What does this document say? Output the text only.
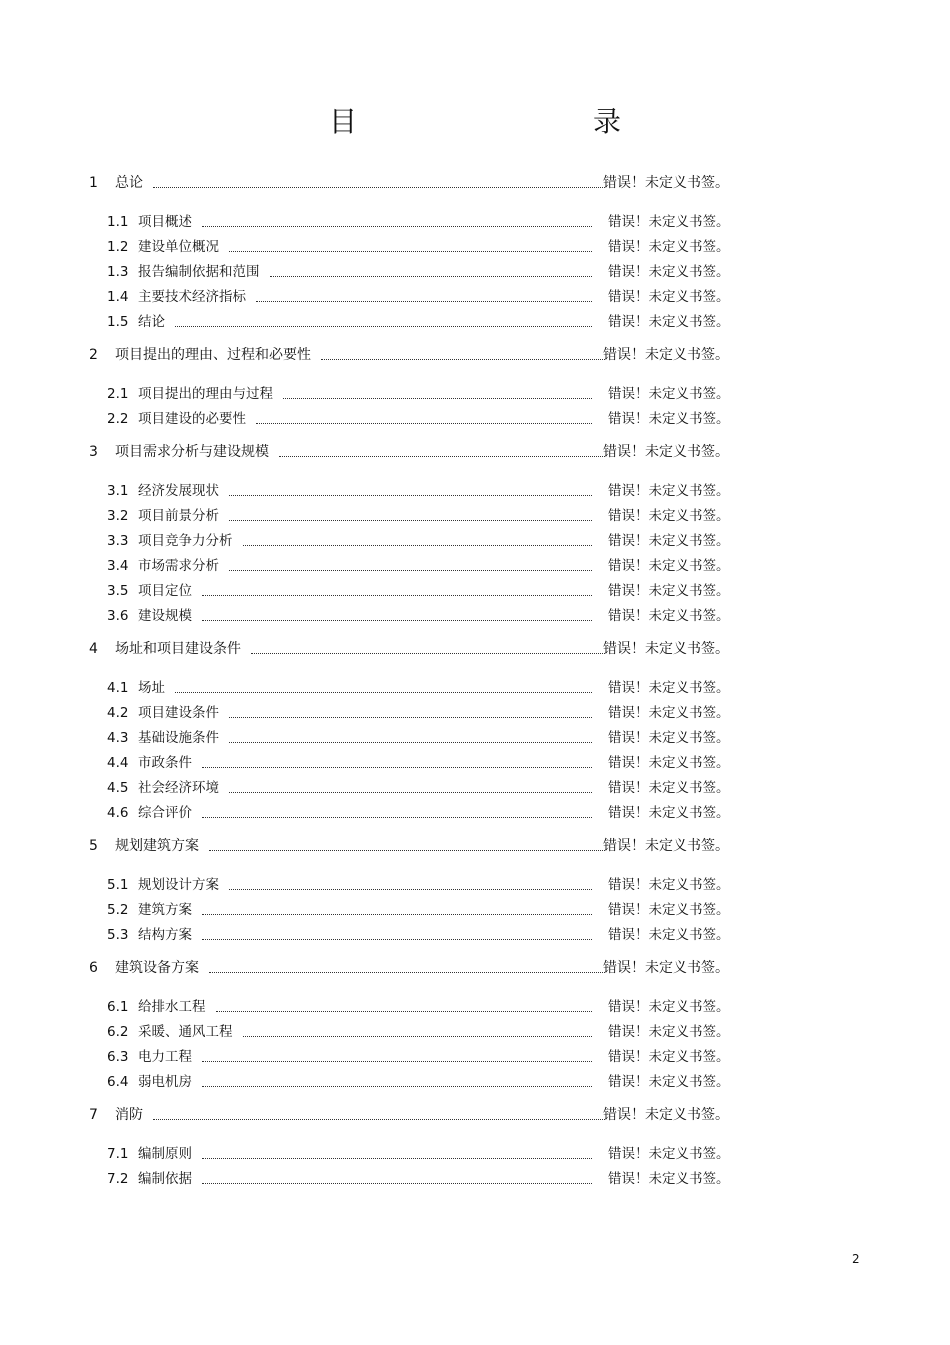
目　　录
1 总论	错误！未定义书签。
1.1 项目概述	错误！未定义书签。
1.2 建设单位概况	错误！未定义书签。
1.3 报告编制依据和范围	错误！未定义书签。
1.4 主要技术经济指标	错误！未定义书签。
1.5 结论	错误！未定义书签。
2 项目提出的理由、过程和必要性	错误！未定义书签。
2.1 项目提出的理由与过程	错误！未定义书签。
2.2 项目建设的必要性	错误！未定义书签。
3 项目需求分析与建设规模	错误！未定义书签。
3.1 经济发展现状	错误！未定义书签。
3.2 项目前景分析	错误！未定义书签。
3.3 项目竞争力分析	错误！未定义书签。
3.4 市场需求分析	错误！未定义书签。
3.5 项目定位	错误！未定义书签。
3.6 建设规模	错误！未定义书签。
4 场址和项目建设条件	错误！未定义书签。
4.1 场址	错误！未定义书签。
4.2 项目建设条件	错误！未定义书签。
4.3 基础设施条件	错误！未定义书签。
4.4 市政条件	错误！未定义书签。
4.5 社会经济环境	错误！未定义书签。
4.6 综合评价	错误！未定义书签。
5 规划建筑方案	错误！未定义书签。
5.1 规划设计方案	错误！未定义书签。
5.2 建筑方案	错误！未定义书签。
5.3 结构方案	错误！未定义书签。
6 建筑设备方案	错误！未定义书签。
6.1 给排水工程	错误！未定义书签。
6.2 采暖、通风工程	错误！未定义书签。
6.3 电力工程	错误！未定义书签。
6.4 弱电机房	错误！未定义书签。
7 消防	错误！未定义书签。
7.1 编制原则	错误！未定义书签。
7.2 编制依据	错误！未定义书签。
2
